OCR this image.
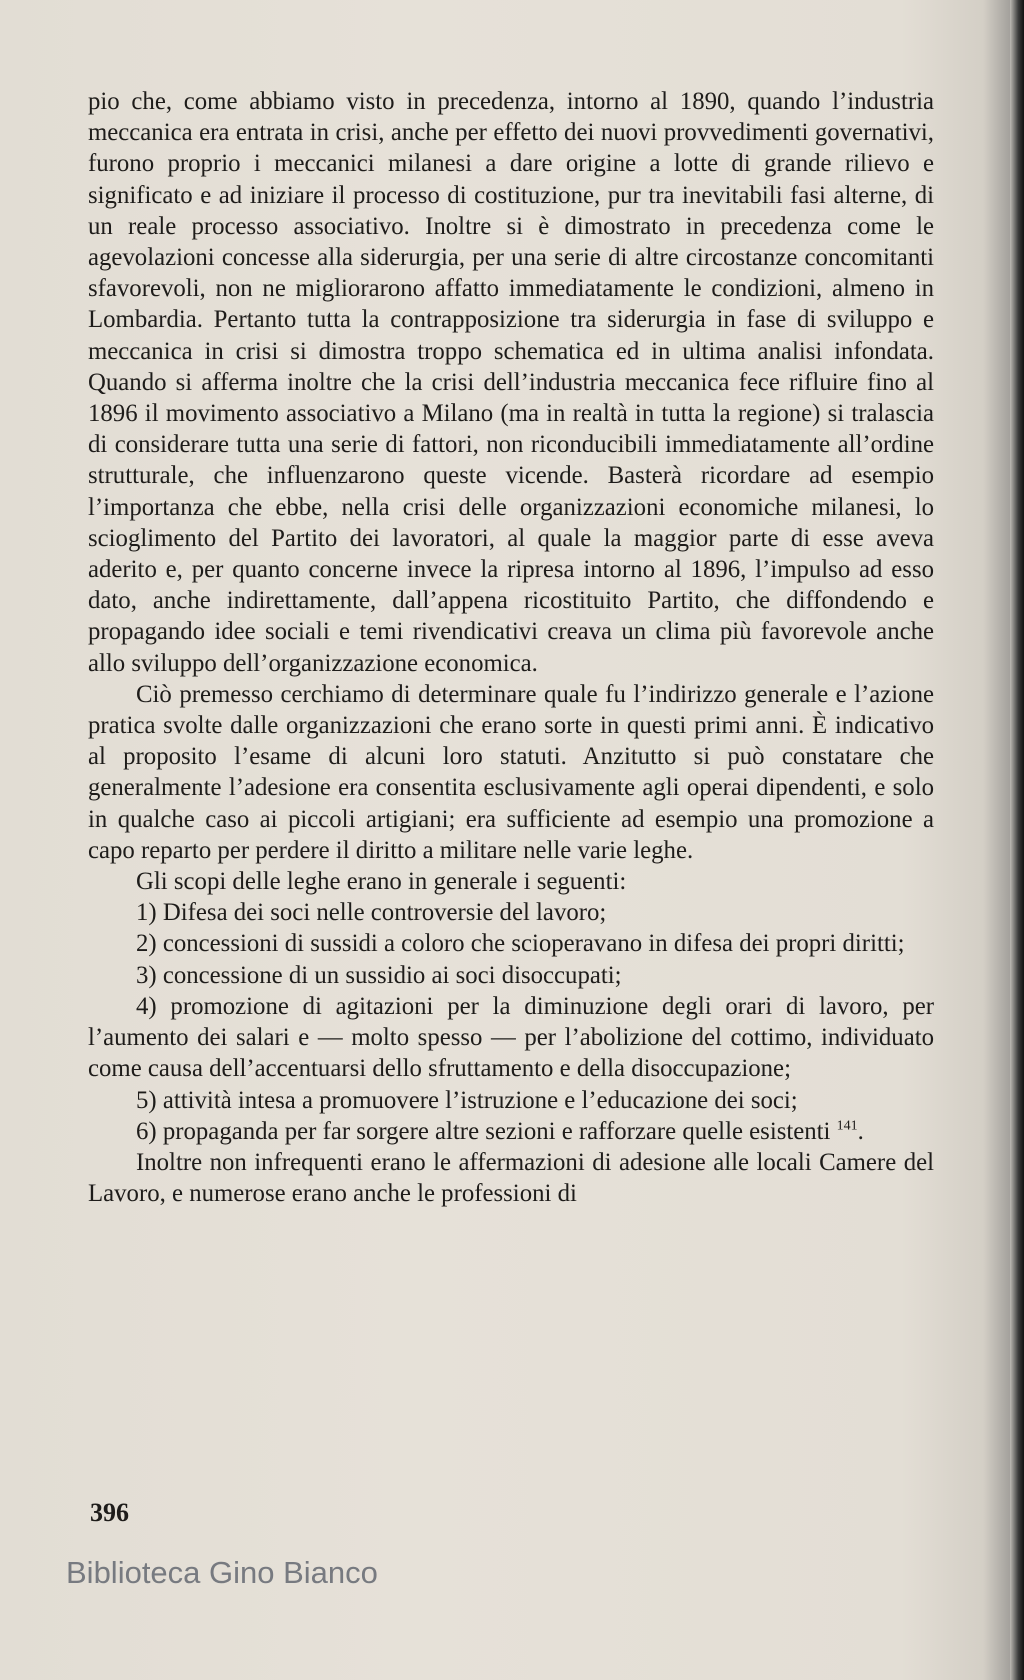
pio che, come abbiamo visto in precedenza, intorno al 1890, quando l’industria meccanica era entrata in crisi, anche per effetto dei nuovi provvedimenti governativi, furono proprio i meccanici milanesi a dare origine a lotte di grande rilievo e significato e ad iniziare il processo di costituzione, pur tra inevitabili fasi alterne, di un reale processo associativo. Inoltre si è dimostrato in precedenza come le agevolazioni concesse alla siderurgia, per una serie di altre circostanze concomitanti sfavorevoli, non ne migliorarono affatto immediatamente le condizioni, almeno in Lombardia. Pertanto tutta la contrapposizione tra siderurgia in fase di sviluppo e meccanica in crisi si dimostra troppo schematica ed in ultima analisi infondata. Quando si afferma inoltre che la crisi dell’industria meccanica fece rifluire fino al 1896 il movimento associativo a Milano (ma in realtà in tutta la regione) si tralascia di considerare tutta una serie di fattori, non riconducibili immediatamente all’ordine strutturale, che influenzarono queste vicende. Basterà ricordare ad esempio l’importanza che ebbe, nella crisi delle organizzazioni economiche milanesi, lo scioglimento del Partito dei lavoratori, al quale la maggior parte di esse aveva aderito e, per quanto concerne invece la ripresa intorno al 1896, l’impulso ad esso dato, anche indirettamente, dall’appena ricostituito Partito, che diffondendo e propagando idee sociali e temi rivendicativi creava un clima più favorevole anche allo sviluppo dell’organizzazione economica.

Ciò premesso cerchiamo di determinare quale fu l’indirizzo generale e l’azione pratica svolte dalle organizzazioni che erano sorte in questi primi anni. È indicativo al proposito l’esame di alcuni loro statuti. Anzitutto si può constatare che generalmente l’adesione era consentita esclusivamente agli operai dipendenti, e solo in qualche caso ai piccoli artigiani; era sufficiente ad esempio una promozione a capo reparto per perdere il diritto a militare nelle varie leghe.

Gli scopi delle leghe erano in generale i seguenti:

1) Difesa dei soci nelle controversie del lavoro;

2) concessioni di sussidi a coloro che scioperavano in difesa dei propri diritti;

3) concessione di un sussidio ai soci disoccupati;

4) promozione di agitazioni per la diminuzione degli orari di lavoro, per l’aumento dei salari e — molto spesso — per l’abolizione del cottimo, individuato come causa dell’accentuarsi dello sfruttamento e della disoccupazione;

5) attività intesa a promuovere l’istruzione e l’educazione dei soci;

6) propaganda per far sorgere altre sezioni e rafforzare quelle esistenti $^{141}$.

Inoltre non infrequenti erano le affermazioni di adesione alle locali Camere del Lavoro, e numerose erano anche le professioni di

396
Biblioteca Gino Bianco
